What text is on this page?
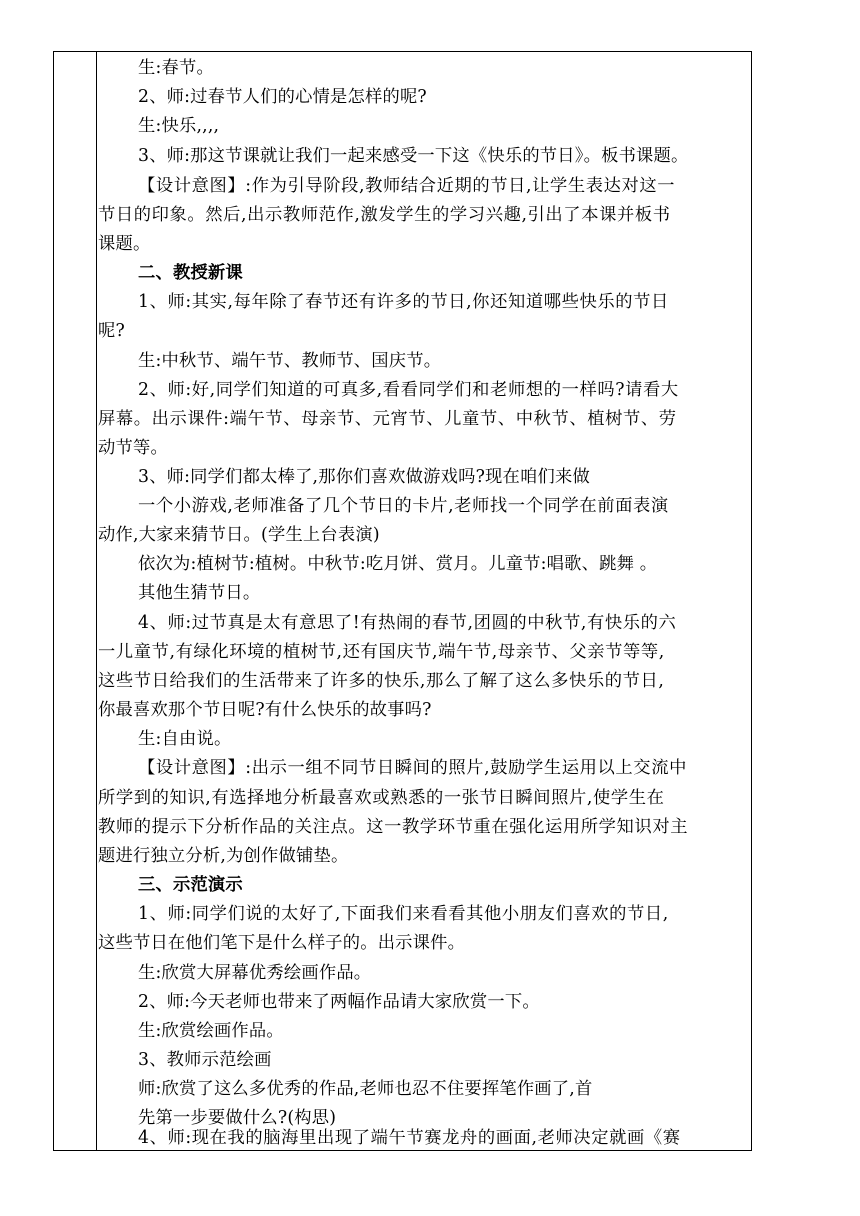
生:春节。
2、师:过春节人们的心情是怎样的呢?
生:快乐,,,,
3、师:那这节课就让我们一起来感受一下这《快乐的节日》。板书课题。
【设计意图】:作为引导阶段,教师结合近期的节日,让学生表达对这一
节日的印象。然后,出示教师范作,激发学生的学习兴趣,引出了本课并板书
课题。
二、教授新课
1、师:其实,每年除了春节还有许多的节日,你还知道哪些快乐的节日
呢?
生:中秋节、端午节、教师节、国庆节。
2、师:好,同学们知道的可真多,看看同学们和老师想的一样吗?请看大
屏幕。出示课件:端午节、母亲节、元宵节、儿童节、中秋节、植树节、劳
动节等。
3、师:同学们都太棒了,那你们喜欢做游戏吗?现在咱们来做
一个小游戏,老师准备了几个节日的卡片,老师找一个同学在前面表演
动作,大家来猜节日。(学生上台表演)
依次为:植树节:植树。中秋节:吃月饼、赏月。儿童节:唱歌、跳舞 。
其他生猜节日。
4、师:过节真是太有意思了!有热闹的春节,团圆的中秋节,有快乐的六
一儿童节,有绿化环境的植树节,还有国庆节,端午节,母亲节、父亲节等等,
这些节日给我们的生活带来了许多的快乐,那么了解了这么多快乐的节日,
你最喜欢那个节日呢?有什么快乐的故事吗?
生:自由说。
【设计意图】:出示一组不同节日瞬间的照片,鼓励学生运用以上交流中
所学到的知识,有选择地分析最喜欢或熟悉的一张节日瞬间照片,使学生在
教师的提示下分析作品的关注点。这一教学环节重在强化运用所学知识对主
题进行独立分析,为创作做铺垫。
三、示范演示
1、师:同学们说的太好了,下面我们来看看其他小朋友们喜欢的节日,
这些节日在他们笔下是什么样子的。出示课件。
生:欣赏大屏幕优秀绘画作品。
2、师:今天老师也带来了两幅作品请大家欣赏一下。
生:欣赏绘画作品。
3、教师示范绘画
师:欣赏了这么多优秀的作品,老师也忍不住要挥笔作画了,首
先第一步要做什么?(构思)
4、师:现在我的脑海里出现了端午节赛龙舟的画面,老师决定就画《赛
